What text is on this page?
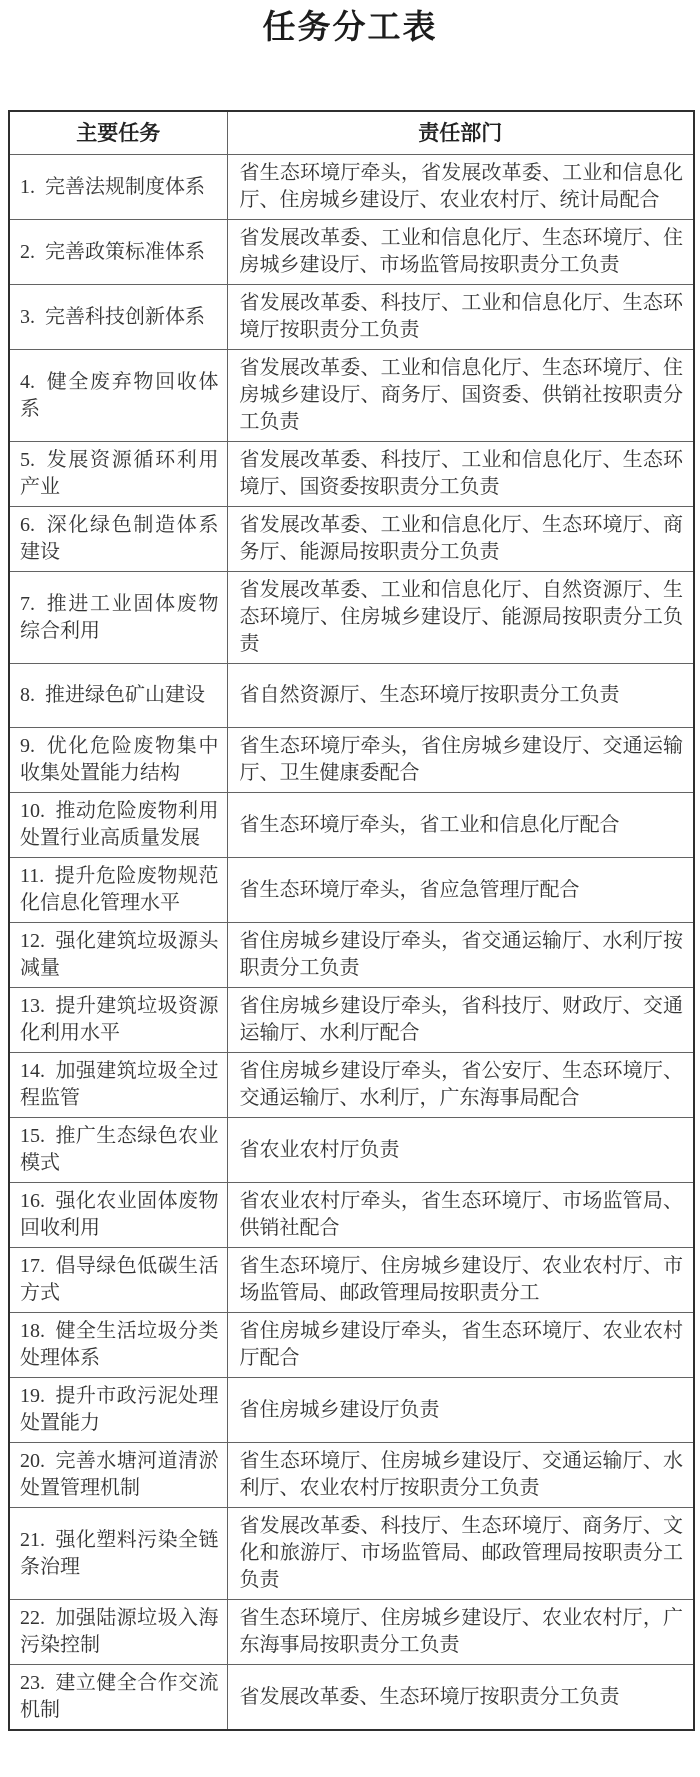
任务分工表
主要任务	责任部门
1. 完善法规制度体系	省生态环境厅牵头，省发展改革委、工业和信息化厅、住房城乡建设厅、农业农村厅、统计局配合
2. 完善政策标准体系	省发展改革委、工业和信息化厅、生态环境厅、住房城乡建设厅、市场监管局按职责分工负责
3. 完善科技创新体系	省发展改革委、科技厅、工业和信息化厅、生态环境厅按职责分工负责
4. 健全废弃物回收体系	省发展改革委、工业和信息化厅、生态环境厅、住房城乡建设厅、商务厅、国资委、供销社按职责分工负责
5. 发展资源循环利用产业	省发展改革委、科技厅、工业和信息化厅、生态环境厅、国资委按职责分工负责
6. 深化绿色制造体系建设	省发展改革委、工业和信息化厅、生态环境厅、商务厅、能源局按职责分工负责
7. 推进工业固体废物综合利用	省发展改革委、工业和信息化厅、自然资源厅、生态环境厅、住房城乡建设厅、能源局按职责分工负责
8. 推进绿色矿山建设	省自然资源厅、生态环境厅按职责分工负责
9. 优化危险废物集中收集处置能力结构	省生态环境厅牵头，省住房城乡建设厅、交通运输厅、卫生健康委配合
10. 推动危险废物利用处置行业高质量发展	省生态环境厅牵头，省工业和信息化厅配合
11. 提升危险废物规范化信息化管理水平	省生态环境厅牵头，省应急管理厅配合
12. 强化建筑垃圾源头减量	省住房城乡建设厅牵头，省交通运输厅、水利厅按职责分工负责
13. 提升建筑垃圾资源化利用水平	省住房城乡建设厅牵头，省科技厅、财政厅、交通运输厅、水利厅配合
14. 加强建筑垃圾全过程监管	省住房城乡建设厅牵头，省公安厅、生态环境厅、交通运输厅、水利厅，广东海事局配合
15. 推广生态绿色农业模式	省农业农村厅负责
16. 强化农业固体废物回收利用	省农业农村厅牵头，省生态环境厅、市场监管局、供销社配合
17. 倡导绿色低碳生活方式	省生态环境厅、住房城乡建设厅、农业农村厅、市场监管局、邮政管理局按职责分工
18. 健全生活垃圾分类处理体系	省住房城乡建设厅牵头，省生态环境厅、农业农村厅配合
19. 提升市政污泥处理处置能力	省住房城乡建设厅负责
20. 完善水塘河道清淤处置管理机制	省生态环境厅、住房城乡建设厅、交通运输厅、水利厅、农业农村厅按职责分工负责
21. 强化塑料污染全链条治理	省发展改革委、科技厅、生态环境厅、商务厅、文化和旅游厅、市场监管局、邮政管理局按职责分工负责
22. 加强陆源垃圾入海污染控制	省生态环境厅、住房城乡建设厅、农业农村厅，广东海事局按职责分工负责
23. 建立健全合作交流机制	省发展改革委、生态环境厅按职责分工负责
